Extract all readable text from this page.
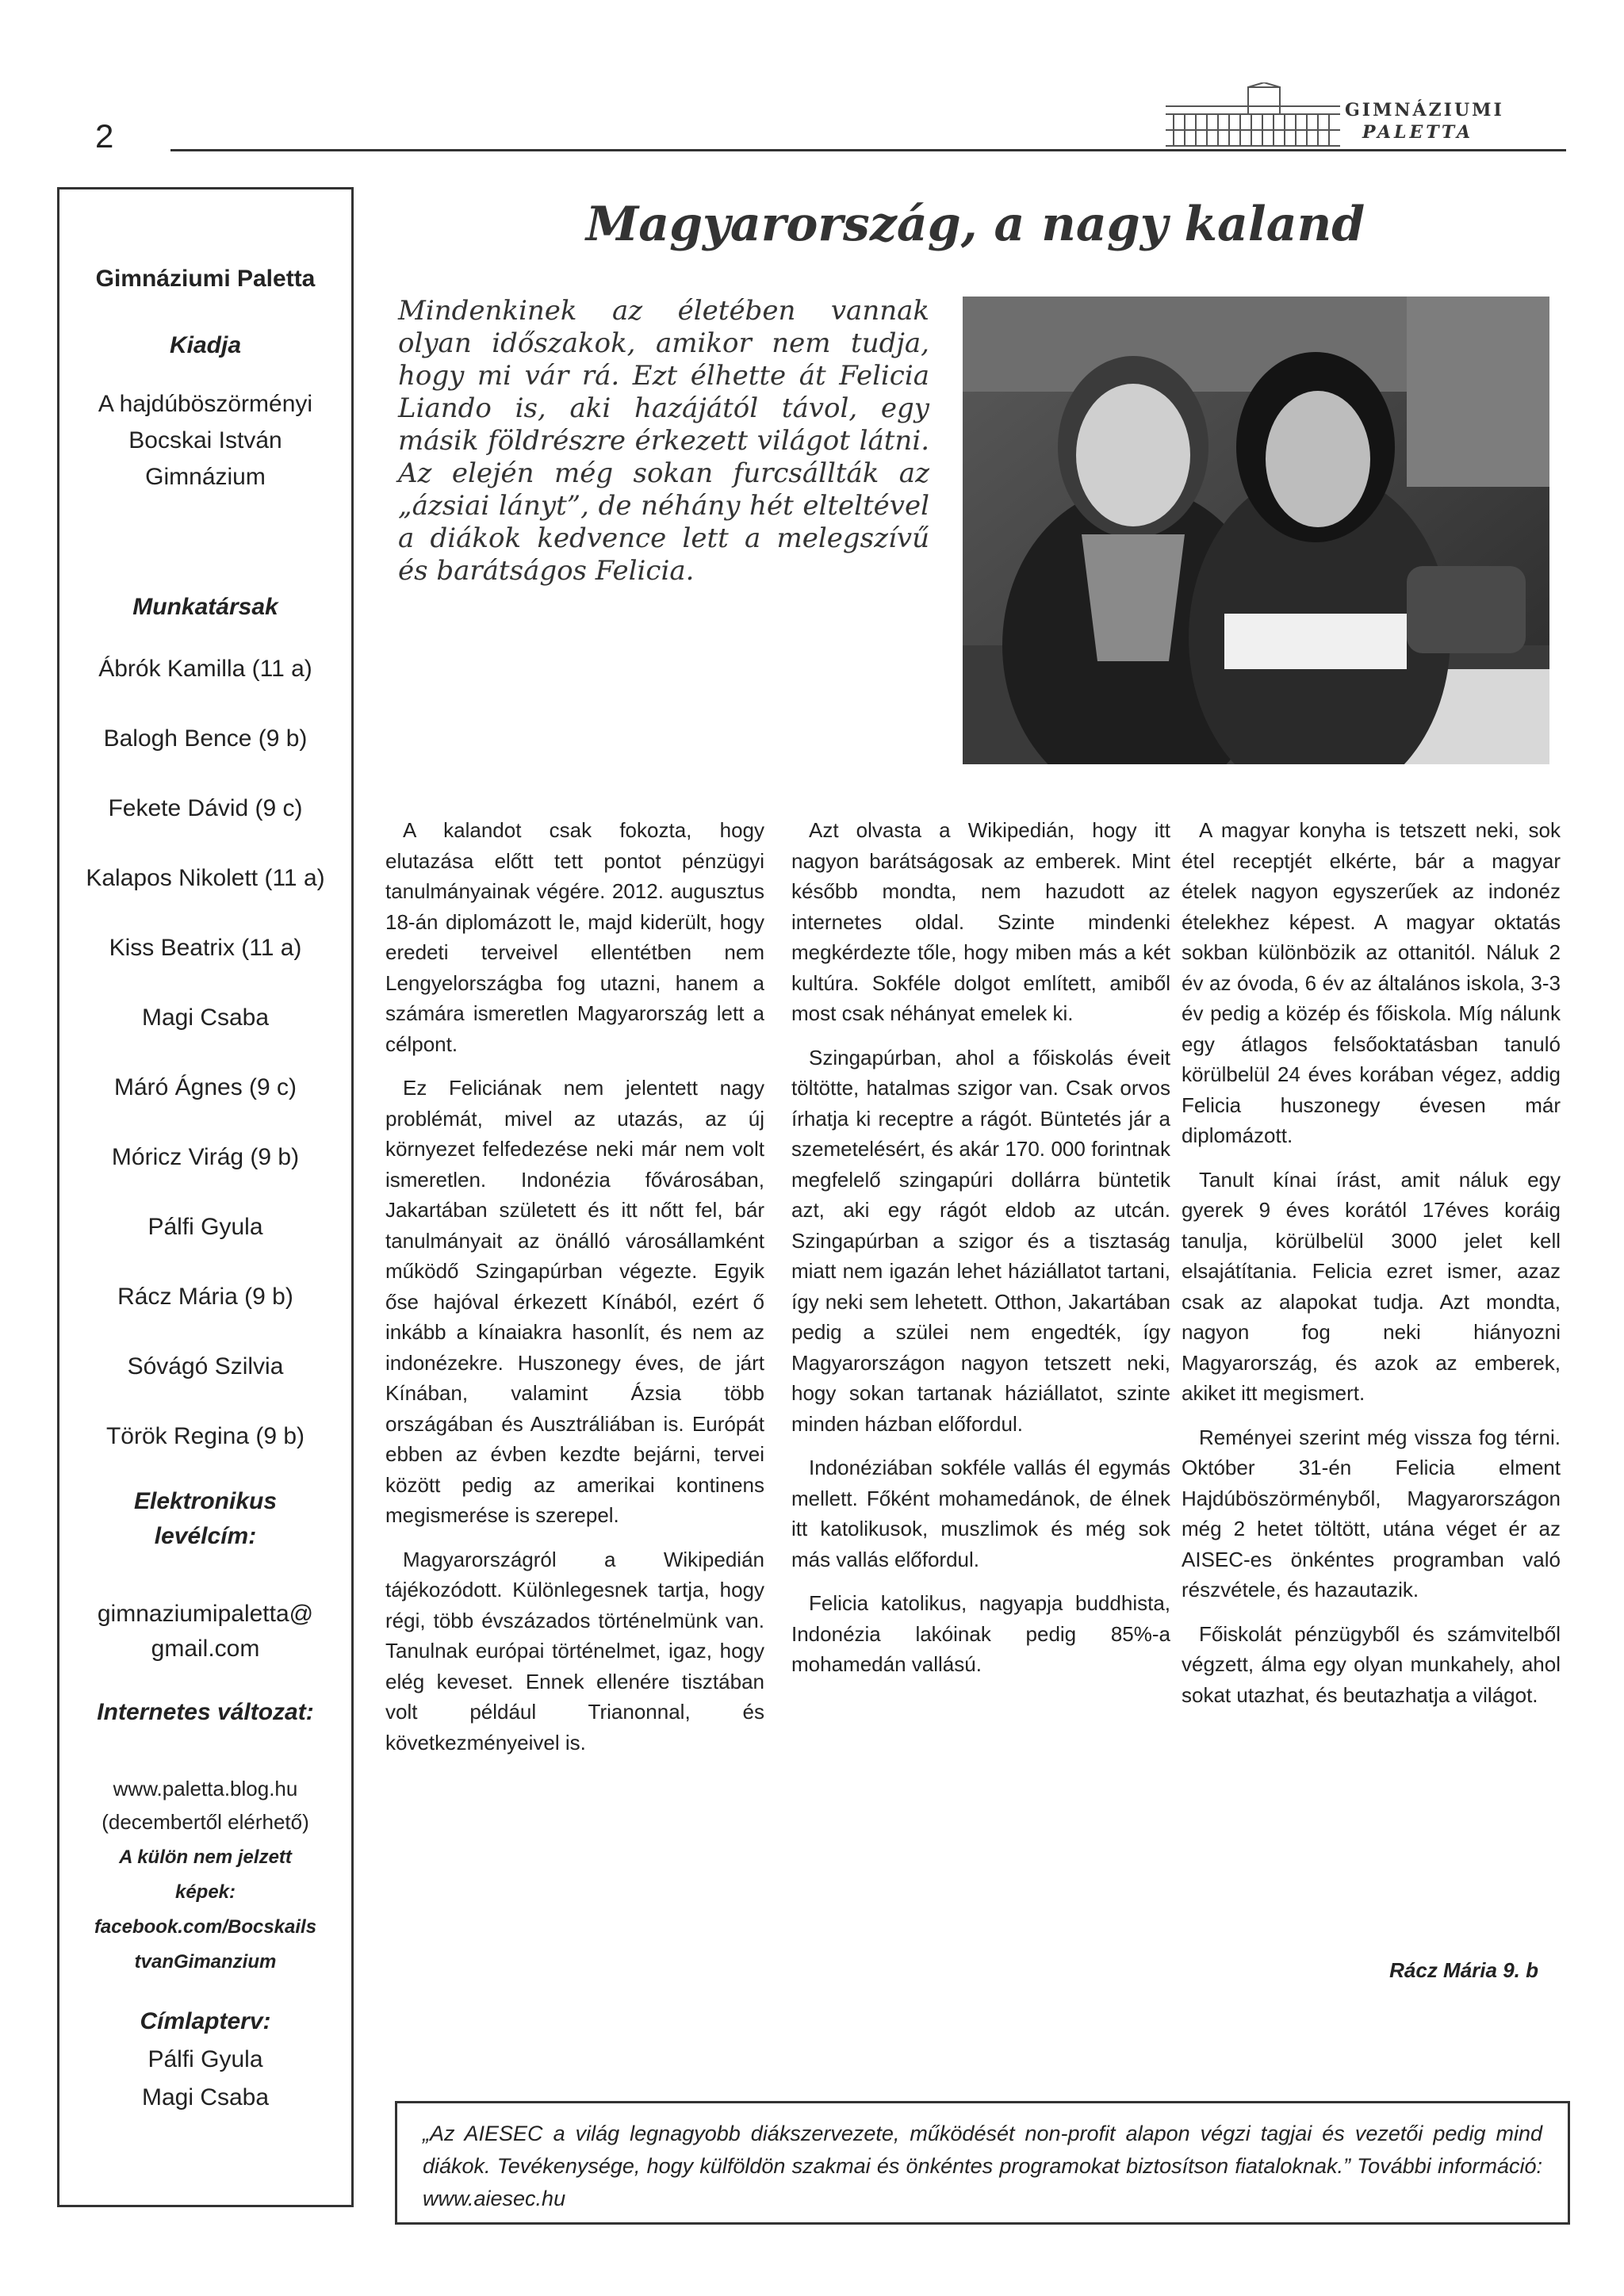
2
GIMNÁZIUMI
PALETTA

Gimnáziumi Paletta

Kiadja

A hajdúböszörményi

Bocskai István

Gimnázium

Munkatársak

Ábrók Kamilla (11 a)

Balogh Bence (9 b)

Fekete Dávid (9 c)

Kalapos Nikolett (11 a)

Kiss Beatrix (11 a)

Magi Csaba

Máró Ágnes (9 c)

Móricz Virág (9 b)

Pálfi Gyula

Rácz Mária (9 b)

Sóvágó Szilvia

Török Regina (9 b)

Elektronikus

levélcím:

gimnaziumipaletta@

gmail.com

Internetes változat:

www.paletta.blog.hu

(decembertől elérhető)

A külön nem jelzett

képek:

facebook.com/Bocskails

tvanGimanzium

Címlapterv:

Pálfi Gyula

Magi Csaba

Magyarország, a nagy kaland

Mindenkinek az életében vannak olyan időszakok, amikor nem tudja, hogy mi vár rá. Ezt élhette át Felicia Liando is, aki hazájától távol, egy másik földrészre érkezett világot látni. Az elején még sokan furcsállták az „ázsiai lányt”, de néhány hét elteltével a diákok kedvence lett a melegszívű és barátságos Felicia.

A kalandot csak fokozta, hogy elutazása előtt tett pontot pénzügyi tanulmányainak végére. 2012. augusztus 18-án diplomázott le, majd kiderült, hogy eredeti terveivel ellentétben nem Lengyelországba fog utazni, hanem a számára ismeretlen Magyarország lett a célpont.

Ez Feliciának nem jelentett nagy problémát, mivel az utazás, az új környezet felfedezése neki már nem volt ismeretlen. Indonézia fővárosában, Jakartában született és itt nőtt fel, bár tanulmányait az önálló városállamként működő Szingapúrban végezte. Egyik őse hajóval érkezett Kínából, ezért ő inkább a kínaiakra hasonlít, és nem az indonézekre. Huszonegy éves, de járt Kínában, valamint Ázsia több országában és Ausztráliában is. Európát ebben az évben kezdte bejárni, tervei között pedig az amerikai kontinens megismerése is szerepel.

Magyarországról a Wikipedián tájékozódott. Különlegesnek tartja, hogy régi, több évszázados történelmünk van. Tanulnak európai történelmet, igaz, hogy elég keveset. Ennek ellenére tisztában volt például Trianonnal, és következményeivel is.

Azt olvasta a Wikipedián, hogy itt nagyon barátságosak az emberek. Mint később mondta, nem hazudott az internetes oldal. Szinte mindenki megkérdezte tőle, hogy miben más a két kultúra. Sokféle dolgot említett, amiből most csak néhányat emelek ki.

Szingapúrban, ahol a főiskolás éveit töltötte, hatalmas szigor van. Csak orvos írhatja ki receptre a rágót. Büntetés jár a szemetelésért, és akár 170. 000 forintnak megfelelő szingapúri dollárra büntetik azt, aki egy rágót eldob az utcán. Szingapúrban a szigor és a tisztaság miatt nem igazán lehet háziállatot tartani, így neki sem lehetett. Otthon, Jakartában pedig a szülei nem engedték, így Magyarországon nagyon tetszett neki, hogy sokan tartanak háziállatot, szinte minden házban előfordul.

Indonéziában sokféle vallás él egymás mellett. Főként mohamedánok, de élnek itt katolikusok, muszlimok és még sok más vallás előfordul.

Felicia katolikus, nagyapja buddhista, Indonézia lakóinak pedig 85%-a mohamedán vallású.

A magyar konyha is tetszett neki, sok étel receptjét elkérte, bár a magyar ételek nagyon egyszerűek az indonéz ételekhez képest. A magyar oktatás sokban különbözik az ottanitól. Náluk 2 év az óvoda, 6 év az általános iskola, 3-3 év pedig a közép és főiskola. Míg nálunk egy átlagos felsőoktatásban tanuló körülbelül 24 éves korában végez, addig Felicia huszonegy évesen már diplomázott.

Tanult kínai írást, amit náluk egy gyerek 9 éves korától 17éves koráig tanulja, körülbelül 3000 jelet kell elsajátítania. Felicia ezret ismer, azaz csak az alapokat tudja. Azt mondta, nagyon fog neki hiányozni Magyarország, és azok az emberek, akiket itt megismert.

Reményei szerint még vissza fog térni. Október 31-én Felicia elment Hajdúböszörményből, Magyarországon még 2 hetet töltött, utána véget ér az AISEC-es önkéntes programban való részvétele, és hazautazik.

Főiskolát pénzügyből és számvitelből végzett, álma egy olyan munkahely, ahol sokat utazhat, és beutazhatja a világot.

Rácz Mária 9. b

„Az AIESEC a világ legnagyobb diákszervezete, működését non-profit alapon végzi tagjai és vezetői pedig mind diákok. Tevékenysége, hogy külföldön szakmai és önkéntes programokat biztosítson fiataloknak.” További információ: www.aiesec.hu
